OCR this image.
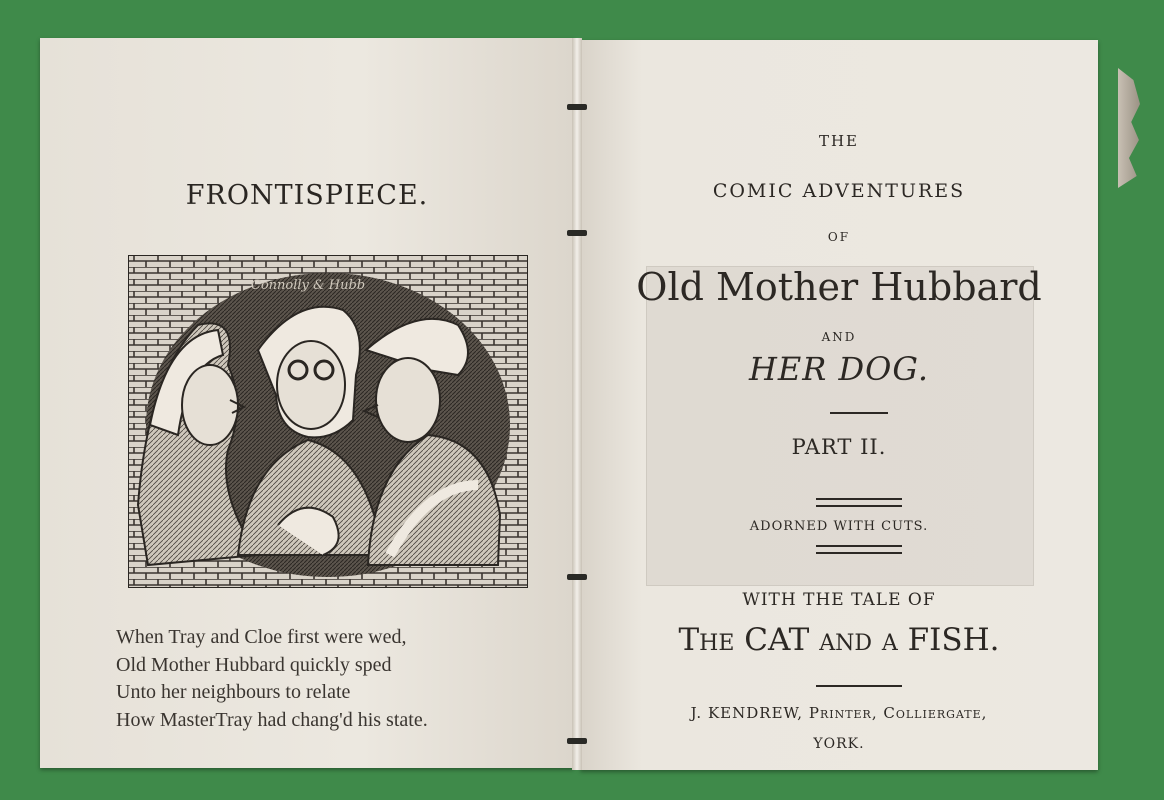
FRONTISPIECE.
Connolly & Hubb
When Tray and Cloe first were wed,
Old Mother Hubbard quickly sped
Unto her neighbours to relate
How MasterTray had chang'd his state.
THE
COMIC ADVENTURES
OF
Old Mother Hubbard
AND
HER DOG.
PART II.
ADORNED WITH CUTS.
WITH THE TALE OF
The CAT and a FISH.
J. KENDREW, Printer, Colliergate,
YORK.
